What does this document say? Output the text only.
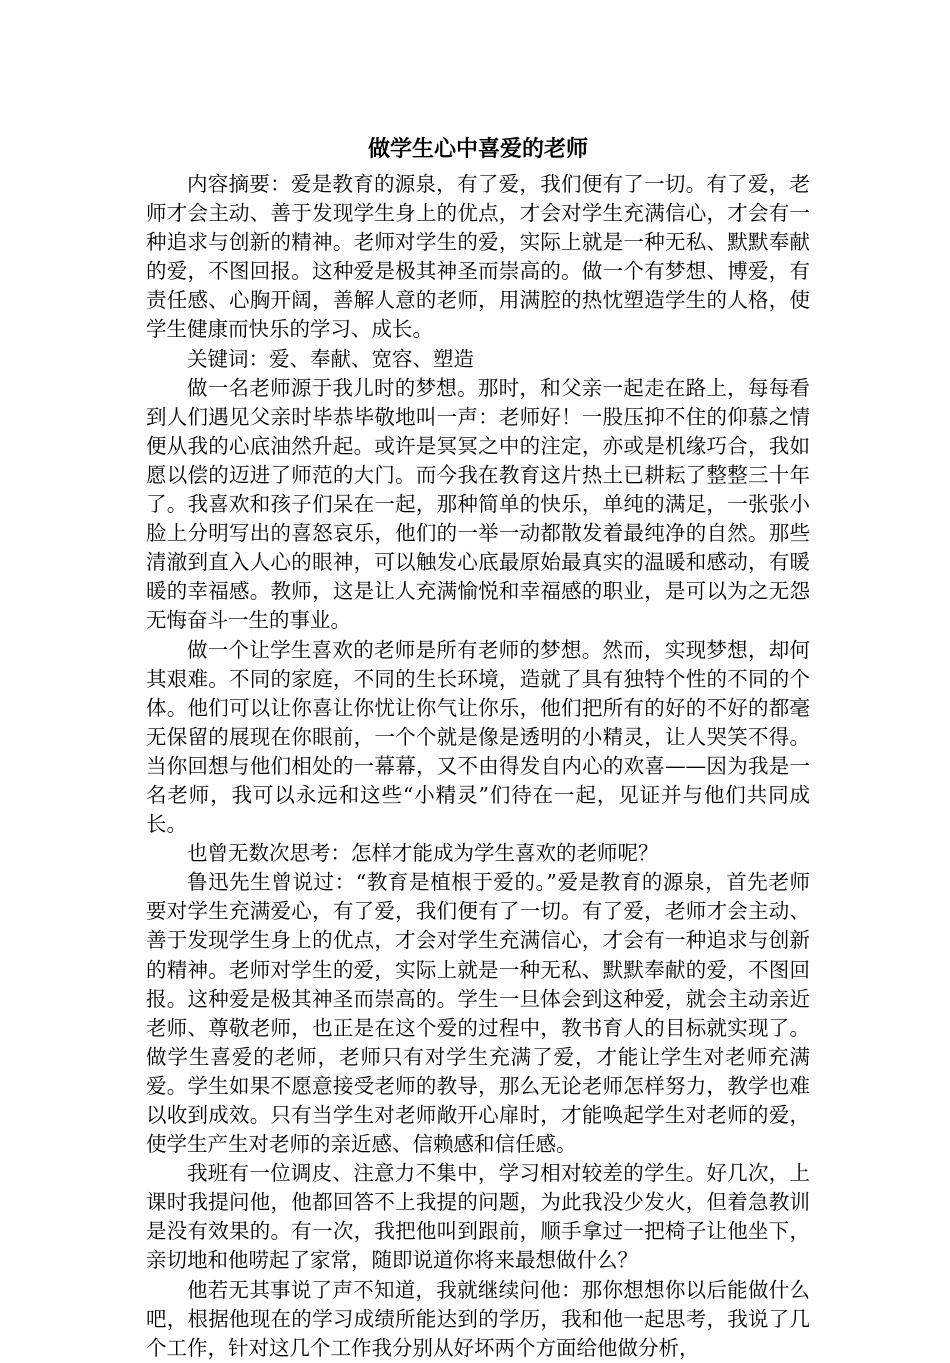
做学生心中喜爱的老师

内容摘要：爱是教育的源泉，有了爱，我们便有了一切。有了爱，老师才会主动、善于发现学生身上的优点，才会对学生充满信心，才会有一种追求与创新的精神。老师对学生的爱，实际上就是一种无私、默默奉献的爱，不图回报。这种爱是极其神圣而崇高的。做一个有梦想、博爱，有责任感、心胸开阔，善解人意的老师，用满腔的热忱塑造学生的人格，使学生健康而快乐的学习、成长。

关键词：爱、奉献、宽容、塑造

做一名老师源于我儿时的梦想。那时，和父亲一起走在路上，每每看到人们遇见父亲时毕恭毕敬地叫一声：老师好！一股压抑不住的仰慕之情便从我的心底油然升起。或许是冥冥之中的注定，亦或是机缘巧合，我如愿以偿的迈进了师范的大门。而今我在教育这片热土已耕耘了整整三十年了。我喜欢和孩子们呆在一起，那种简单的快乐，单纯的满足，一张张小脸上分明写出的喜怒哀乐，他们的一举一动都散发着最纯净的自然。那些清澈到直入人心的眼神，可以触发心底最原始最真实的温暖和感动，有暖暖的幸福感。教师，这是让人充满愉悦和幸福感的职业，是可以为之无怨无悔奋斗一生的事业。

做一个让学生喜欢的老师是所有老师的梦想。然而，实现梦想，却何其艰难。不同的家庭，不同的生长环境，造就了具有独特个性的不同的个体。他们可以让你喜让你忧让你气让你乐，他们把所有的好的不好的都毫无保留的展现在你眼前，一个个就是像是透明的小精灵，让人哭笑不得。当你回想与他们相处的一幕幕，又不由得发自内心的欢喜——因为我是一名老师，我可以永远和这些“小精灵”们待在一起，见证并与他们共同成长。

也曾无数次思考：怎样才能成为学生喜欢的老师呢？

鲁迅先生曾说过：“教育是植根于爱的。”爱是教育的源泉，首先老师要对学生充满爱心，有了爱，我们便有了一切。有了爱，老师才会主动、善于发现学生身上的优点，才会对学生充满信心，才会有一种追求与创新的精神。老师对学生的爱，实际上就是一种无私、默默奉献的爱，不图回报。这种爱是极其神圣而崇高的。学生一旦体会到这种爱，就会主动亲近老师、尊敬老师，也正是在这个爱的过程中，教书育人的目标就实现了。做学生喜爱的老师，老师只有对学生充满了爱，才能让学生对老师充满爱。学生如果不愿意接受老师的教导，那么无论老师怎样努力，教学也难以收到成效。只有当学生对老师敞开心扉时，才能唤起学生对老师的爱，使学生产生对老师的亲近感、信赖感和信任感。

我班有一位调皮、注意力不集中，学习相对较差的学生。好几次，上课时我提问他，他都回答不上我提的问题，为此我没少发火，但着急教训是没有效果的。有一次，我把他叫到跟前，顺手拿过一把椅子让他坐下，亲切地和他唠起了家常，随即说道你将来最想做什么？

他若无其事说了声不知道，我就继续问他：那你想想你以后能做什么吧，根据他现在的学习成绩所能达到的学历，我和他一起思考，我说了几个工作，针对这几个工作我分别从好坏两个方面给他做分析，
